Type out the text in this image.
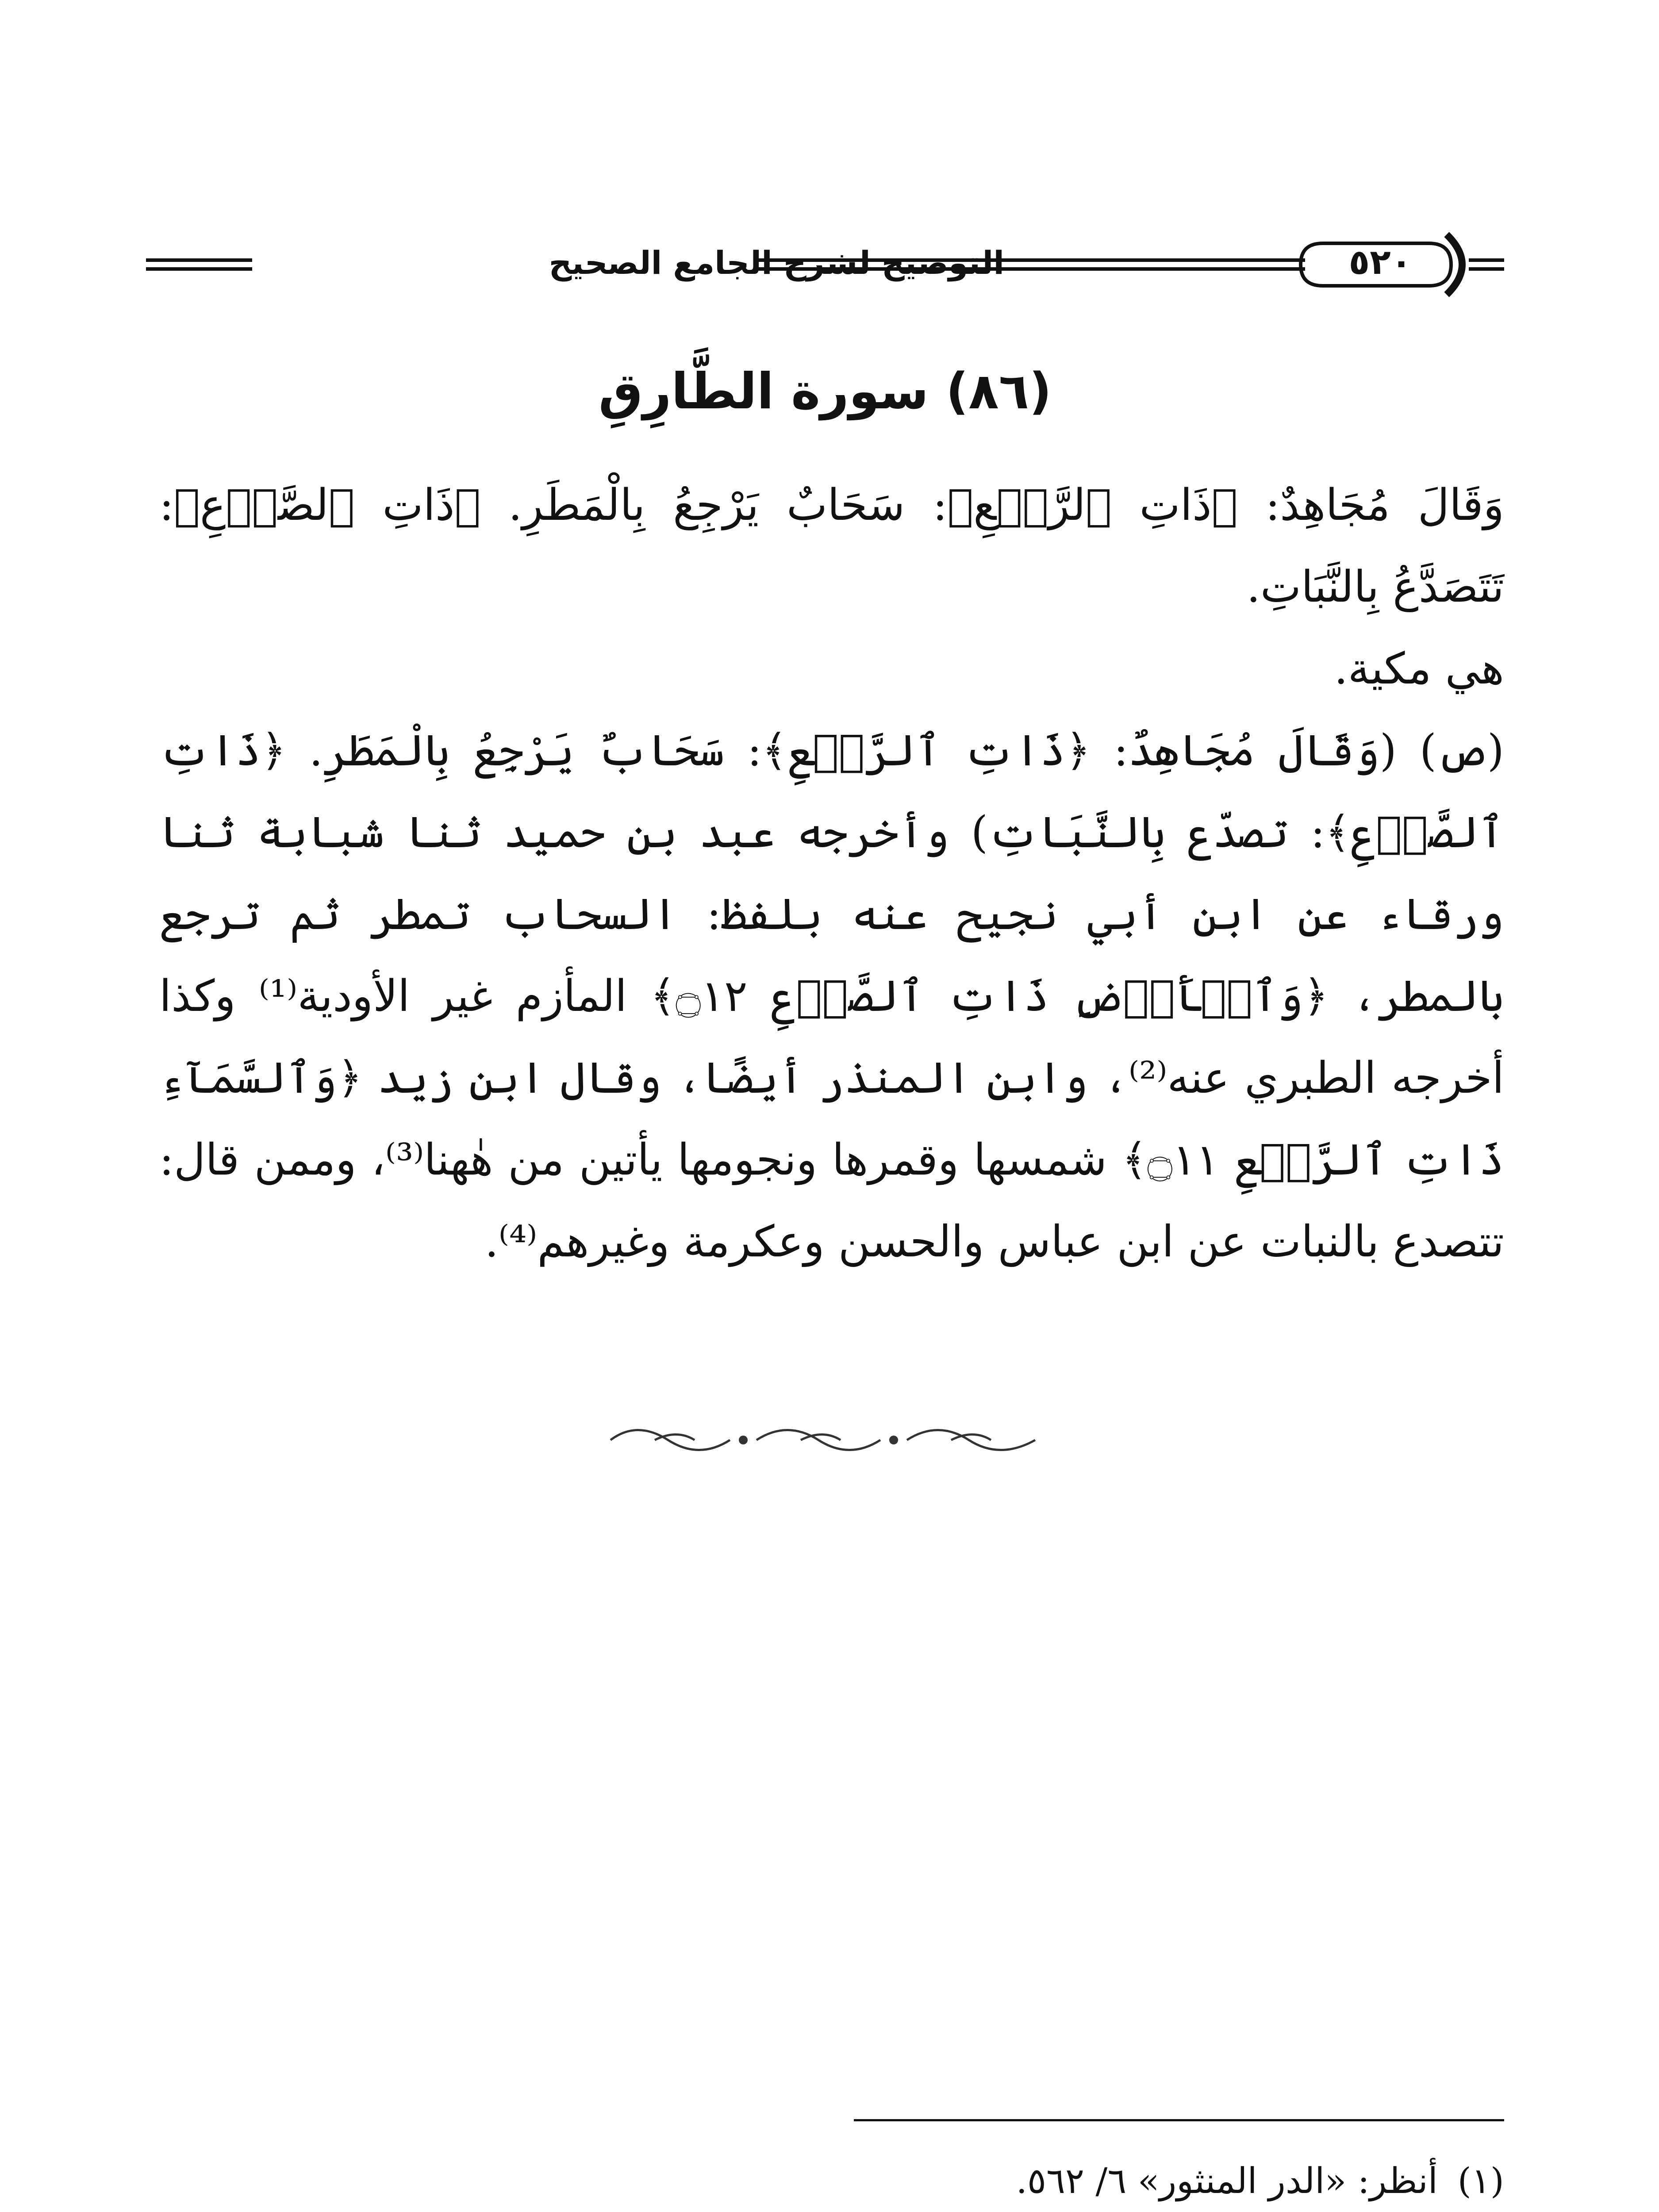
التوضيح لشرح الجامع الصحيح	٥٢٠
(٨٦) سورة الطَّارِقِ

وَقَالَ مُجَاهِدٌ: ﴿ذَاتِ ٱلرَّجۡعِ﴾: سَحَابٌ يَرْجِعُ بِالْمَطَرِ. ﴿ذَاتِ ٱلصَّدۡعِ﴾: تَتَصَدَّعُ بِالنَّبَاتِ.

هي مكية.

(ص) (وَقَالَ مُجَاهِدٌ: ﴿ذَاتِ ٱلرَّجۡعِ﴾: سَحَابٌ يَرْجِعُ بِالْمَطَرِ. ﴿ذَاتِ ٱلصَّدۡعِ﴾: تصدّع بِالنَّبَاتِ) وأخرجه عبد بن حميد ثنا شبابة ثنا ورقاء عن ابن أبي نجيح عنه بلفظ: السحاب تمطر ثم ترجع بالمطر، ﴿وَٱلۡأَرۡضِ ذَاتِ ٱلصَّدۡعِ ۝١٢﴾ المأزم غير الأودية⁽¹⁾ وكذا أخرجه الطبري عنه⁽²⁾، وابن المنذر أيضًا، وقال ابن زيد ﴿وَٱلسَّمَآءِ ذَاتِ ٱلرَّجۡعِ ۝١١﴾ شمسها وقمرها ونجومها يأتين من هٰهنا⁽³⁾، وممن قال: تتصدع بالنبات عن ابن عباس والحسن وعكرمة وغيرهم⁽⁴⁾.

(١)أنظر: «الدر المنثور» ٦/ ٥٦٢.
